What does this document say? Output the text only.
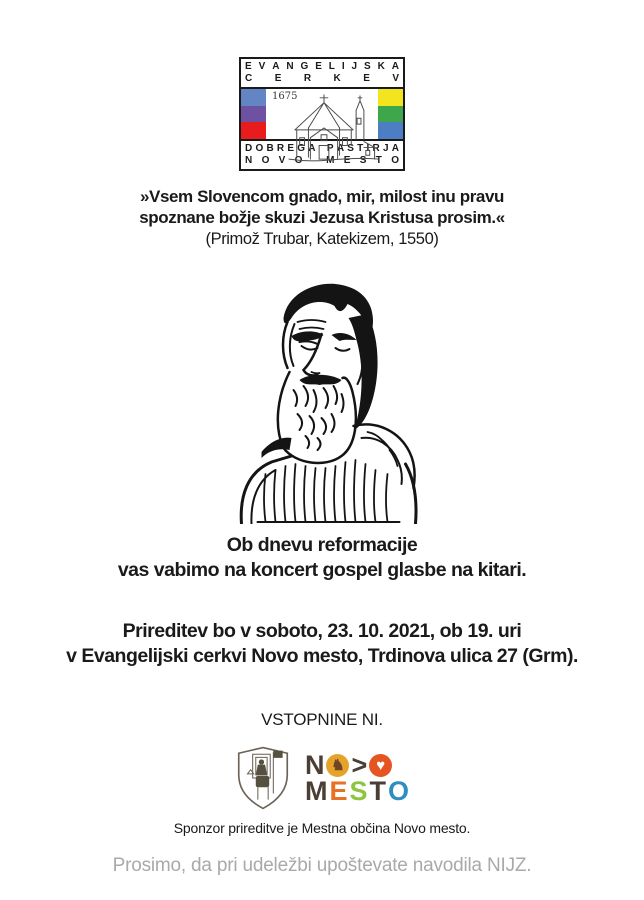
E V A N G E L I J S K A
C E R K E V
1675
D O B R E G A P A S T I R J A
N O V O M E S T O
»Vsem Slovencom gnado, mir, milost inu pravu
spoznane božje skuzi Jezusa Kristusa prosim.«
(Primož Trubar, Katekizem, 1550)
Ob dnevu reformacije
vas vabimo na koncert gospel glasbe na kitari.
Prireditev bo v soboto, 23. 10. 2021, ob 19. uri
v Evangelijski cerkvi Novo mesto, Trdinova ulica 27 (Grm).
VSTOPNINE NI.
N ♞ > ♥
M E S T O
Sponzor prireditve je Mestna občina Novo mesto.
Prosimo, da pri udeležbi upoštevate navodila NIJZ.
